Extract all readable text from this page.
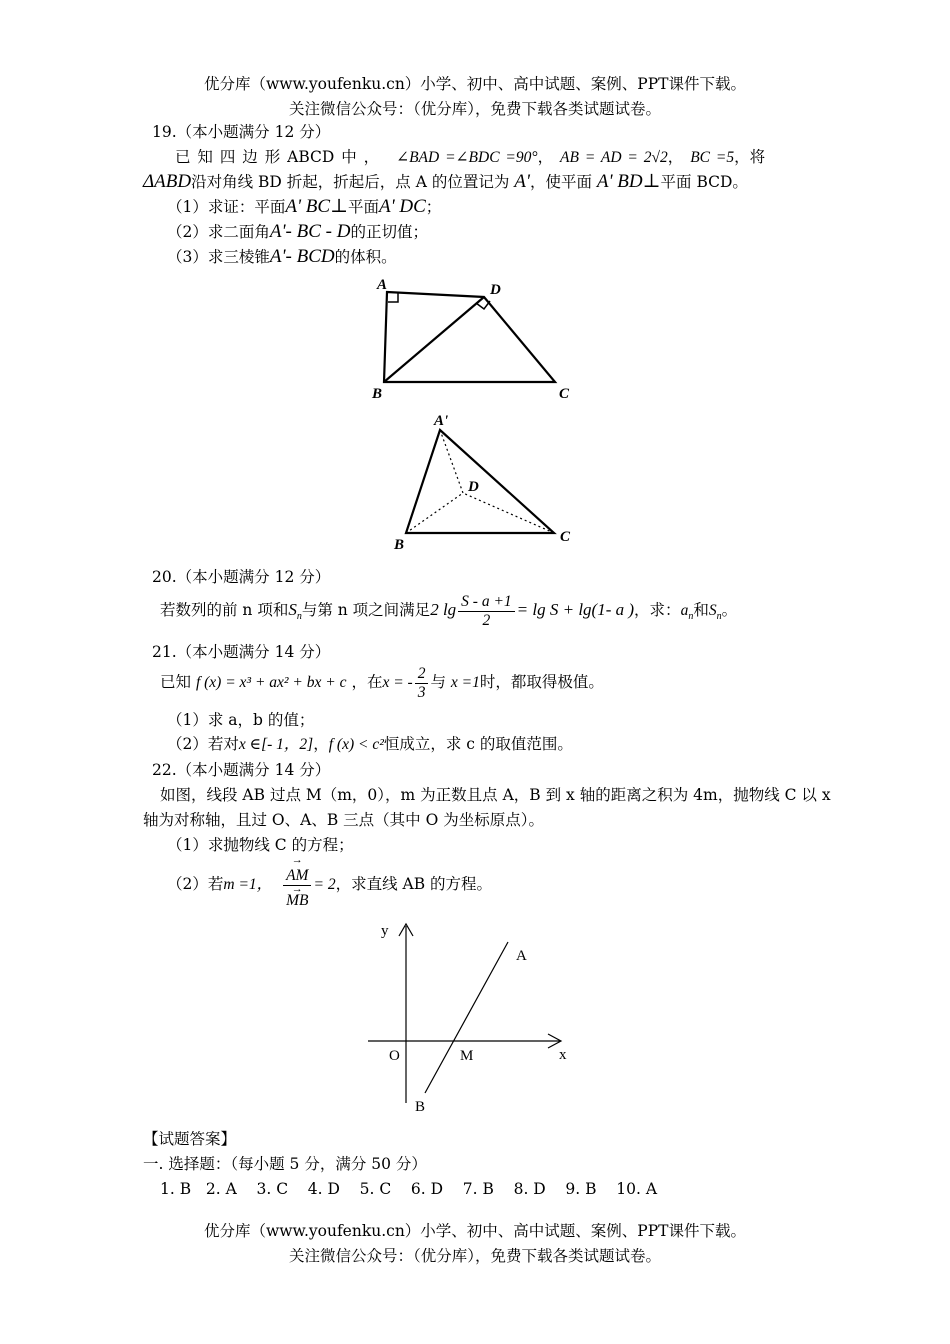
优分库（www.youfenku.cn）小学、初中、高中试题、案例、PPT课件下载。
关注微信公众号：（优分库），免费下载各类试题试卷。
19.（本小题满分 12 分）
已 知 四 边 形 ABCD 中 ， ∠BAD =∠BDC =90°， AB = AD = 2√2， BC =5，将
ΔABD沿对角线 BD 折起，折起后，点 A 的位置记为 A'，使平面 A' BD⊥平面 BCD。
（1）求证：平面A' BC⊥平面A' DC；
（2）求二面角A'- BC - D的正切值；
（3）求三棱锥A'- BCD的体积。
A	D
B	C
A'
D
B	C
20.（本小题满分 12 分）
若数列的前 n 项和$S_n$与第 n 项之间满足2 $\lg \frac{S - a +1}{2} = \lg S + \lg(1-$ a )，求：$a_n$和$S_n$。
21.（本小题满分 14 分）
已知 f (x) = x³ + ax² + bx + c ，在x = - $\frac{2}{3}$ 与 x =1时，都取得极值。
（1）求 a，b 的值；
（2）若对x ∈[- 1，2]，f (x) < c²恒成立，求 c 的取值范围。
22.（本小题满分 14 分）
如图，线段 AB 过点 M（m，0），m 为正数且点 A，B 到 x 轴的距离之积为 4m，抛物线 C 以 x
轴为对称轴，且过 O、A、B 三点（其中 O 为坐标原点）。
（1）求抛物线 C 的方程；
（2）若m =1， →
AM
→
MB = 2，求直线 AB 的方程。
y
x
O	M
A
B
【试题答案】
一. 选择题：（每小题 5 分，满分 50 分）
1. B   2. A    3. C    4. D    5. C    6. D    7. B    8. D    9. B    10. A
优分库（www.youfenku.cn）小学、初中、高中试题、案例、PPT课件下载。
关注微信公众号：（优分库），免费下载各类试题试卷。
